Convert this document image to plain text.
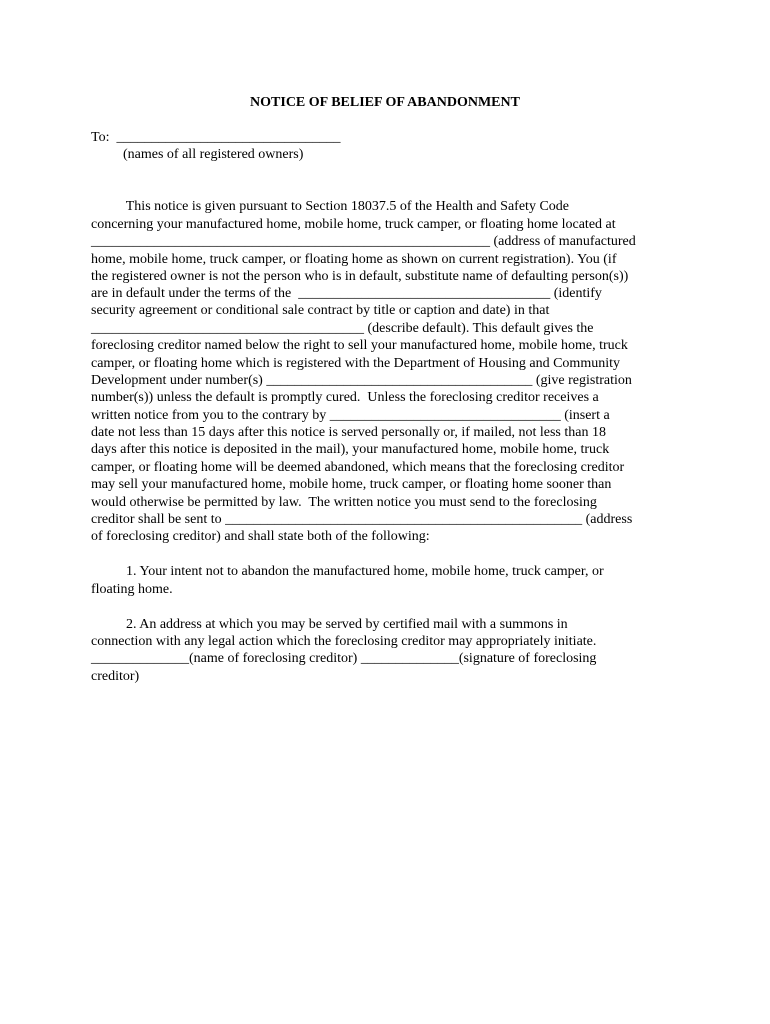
NOTICE OF BELIEF OF ABANDONMENT
To:  ________________________________
(names of all registered owners)
This notice is given pursuant to Section 18037.5 of the Health and Safety Code
concerning your manufactured home, mobile home, truck camper, or floating home located at
_________________________________________________________ (address of manufactured
home, mobile home, truck camper, or floating home as shown on current registration). You (if
the registered owner is not the person who is in default, substitute name of defaulting person(s))
are in default under the terms of the  ____________________________________ (identify
security agreement or conditional sale contract by title or caption and date) in that
_______________________________________ (describe default). This default gives the
foreclosing creditor named below the right to sell your manufactured home, mobile home, truck
camper, or floating home which is registered with the Department of Housing and Community
Development under number(s) ______________________________________ (give registration
number(s)) unless the default is promptly cured.  Unless the foreclosing creditor receives a
written notice from you to the contrary by _________________________________ (insert a
date not less than 15 days after this notice is served personally or, if mailed, not less than 18
days after this notice is deposited in the mail), your manufactured home, mobile home, truck
camper, or floating home will be deemed abandoned, which means that the foreclosing creditor
may sell your manufactured home, mobile home, truck camper, or floating home sooner than
would otherwise be permitted by law.  The written notice you must send to the foreclosing
creditor shall be sent to ___________________________________________________ (address
of foreclosing creditor) and shall state both of the following:
1. Your intent not to abandon the manufactured home, mobile home, truck camper, or
floating home.
2. An address at which you may be served by certified mail with a summons in
connection with any legal action which the foreclosing creditor may appropriately initiate.
______________(name of foreclosing creditor) ______________(signature of foreclosing
creditor)
